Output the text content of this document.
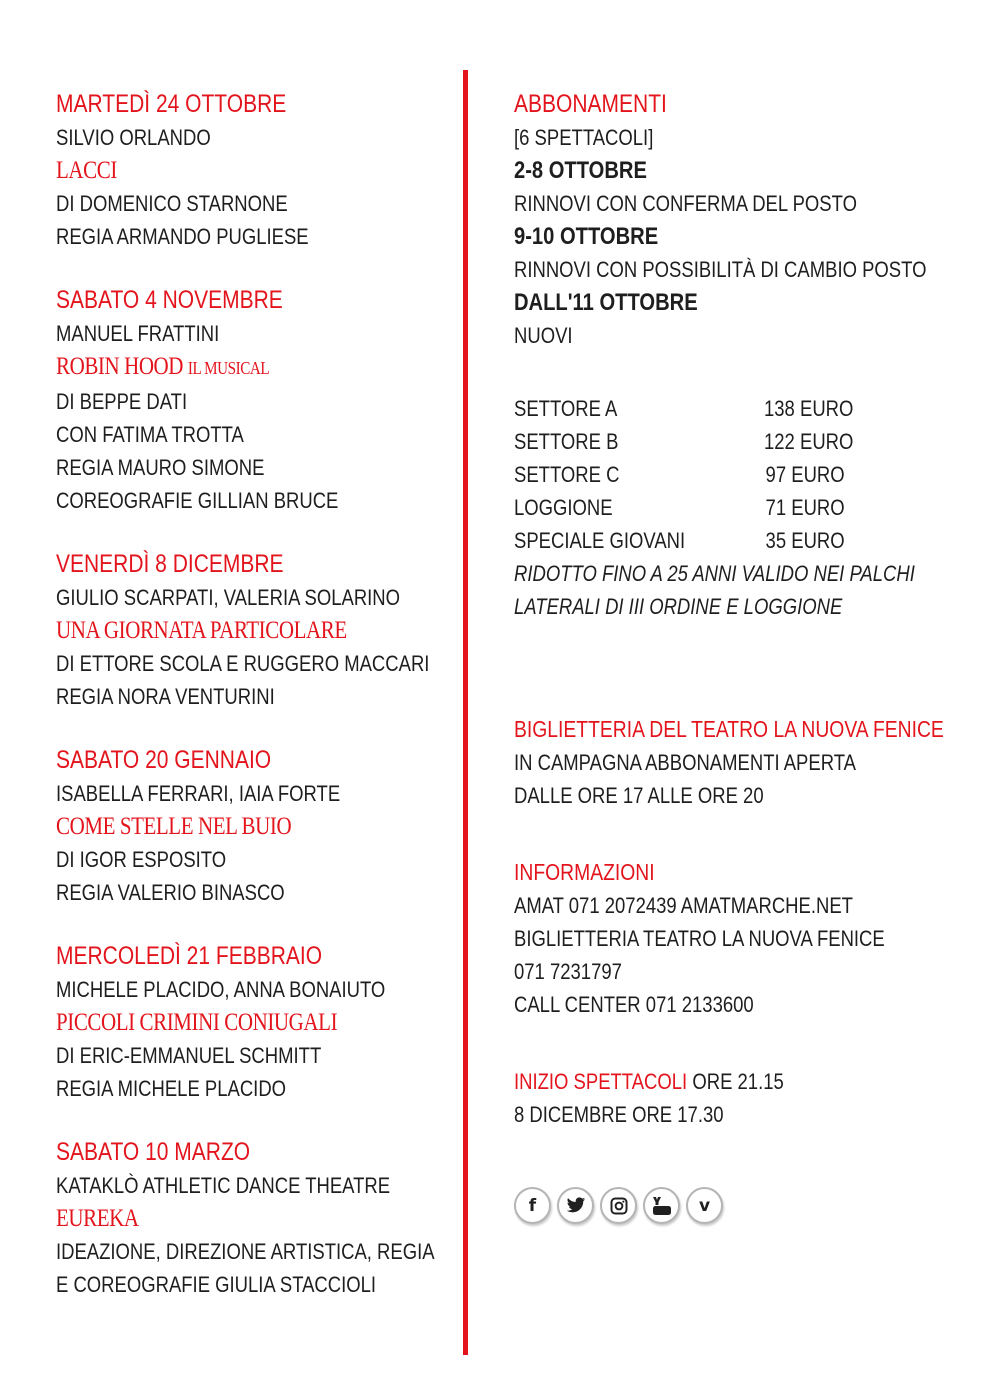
MARTEDÌ 24 OTTOBRE
SILVIO ORLANDO
LACCI
DI DOMENICO STARNONE
REGIA ARMANDO PUGLIESE
SABATO 4 NOVEMBRE
MANUEL FRATTINI
ROBIN HOOD IL MUSICAL
DI BEPPE DATI
CON FATIMA TROTTA
REGIA MAURO SIMONE
COREOGRAFIE GILLIAN BRUCE
VENERDÌ 8 DICEMBRE
GIULIO SCARPATI, VALERIA SOLARINO
UNA GIORNATA PARTICOLARE
DI ETTORE SCOLA E RUGGERO MACCARI
REGIA NORA VENTURINI
SABATO 20 GENNAIO
ISABELLA FERRARI, IAIA FORTE
COME STELLE NEL BUIO
DI IGOR ESPOSITO
REGIA VALERIO BINASCO
MERCOLEDÌ 21 FEBBRAIO
MICHELE PLACIDO, ANNA BONAIUTO
PICCOLI CRIMINI CONIUGALI
DI ERIC-EMMANUEL SCHMITT
REGIA MICHELE PLACIDO
SABATO 10 MARZO
KATAKLÒ ATHLETIC DANCE THEATRE
EUREKA
IDEAZIONE, DIREZIONE ARTISTICA, REGIA
E COREOGRAFIE GIULIA STACCIOLI
ABBONAMENTI
[6 SPETTACOLI]
2-8 OTTOBRE
RINNOVI CON CONFERMA DEL POSTO
9-10 OTTOBRE
RINNOVI CON POSSIBILITÀ DI CAMBIO POSTO
DALL'11 OTTOBRE
NUOVI
SETTORE A	138 EURO
SETTORE B	122 EURO
SETTORE C	97 EURO
LOGGIONE	71 EURO
SPECIALE GIOVANI	35 EURO
RIDOTTO FINO A 25 ANNI VALIDO NEI PALCHI
LATERALI DI III ORDINE E LOGGIONE
BIGLIETTERIA DEL TEATRO LA NUOVA FENICE
IN CAMPAGNA ABBONAMENTI APERTA
DALLE ORE 17 ALLE ORE 20
INFORMAZIONI
AMAT 071 2072439 AMATMARCHE.NET
BIGLIETTERIA TEATRO LA NUOVA FENICE
071 7231797
CALL CENTER 071 2133600
INIZIO SPETTACOLI ORE 21.15
8 DICEMBRE ORE 17.30
f	v
